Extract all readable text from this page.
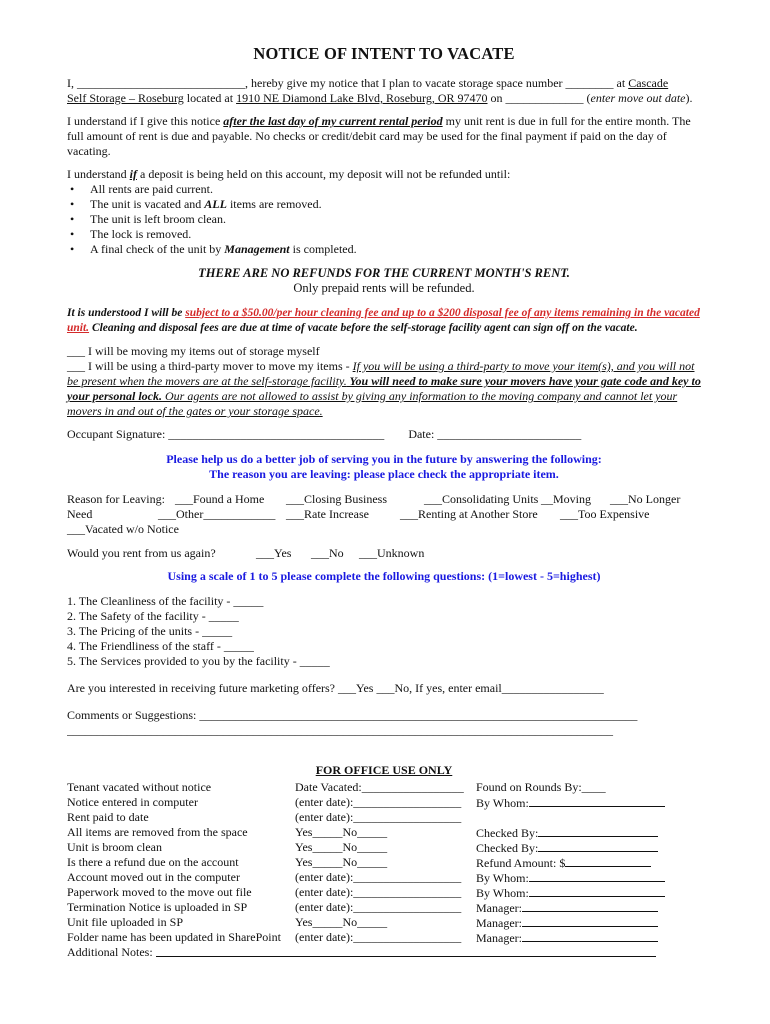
NOTICE OF INTENT TO VACATE

I, ____________________________, hereby give my notice that I plan to vacate storage space number ________ at Cascade
Self Storage – Roseburg located at 1910 NE Diamond Lake Blvd, Roseburg, OR 97470 on _____________ (enter move out date).

I understand if I give this notice after the last day of my current rental period my unit rent is due in full for the entire month. The full amount of rent is due and payable. No checks or credit/debit card may be used for the final payment if paid on the day of vacating.

I understand if a deposit is being held on this account, my deposit will not be refunded until:

• All rents are paid current.
• The unit is vacated and ALL items are removed.
• The unit is left broom clean.
• The lock is removed.
• A final check of the unit by Management is completed.
THERE ARE NO REFUNDS FOR THE CURRENT MONTH'S RENT.
Only prepaid rents will be refunded.

It is understood I will be subject to a $50.00/per hour cleaning fee and up to a $200 disposal fee of any items remaining in the vacated unit. Cleaning and disposal fees are due at time of vacate before the self-storage facility agent can sign off on the vacate.

___ I will be moving my items out of storage myself

___ I will be using a third-party mover to move my items - If you will be using a third-party to move your item(s), and you will not be present when the movers are at the self-storage facility. You will need to make sure your movers have your gate code and key to your personal lock. Our agents are not allowed to assist by giving any information to the moving company and cannot let your movers in and out of the gates or your storage space.

Occupant Signature: ____________________________________ Date: ________________________

Please help us do a better job of serving you in the future by answering the following:

The reason you are leaving: please place check the appropriate item.

Reason for Leaving: ___Found a Home ___Closing Business	___Consolidating Units __Moving ___No Longer
Need	___Other____________ ___Rate Increase	___Renting at Another Store ___Too Expensive
___Vacated w/o Notice
Would you rent from us again?	___Yes ___No ___Unknown

Using a scale of 1 to 5 please complete the following questions: (1=lowest - 5=highest)

1. The Cleanliness of the facility - _____
2. The Safety of the facility - _____
3. The Pricing of the units - _____
4. The Friendliness of the staff - _____
5. The Services provided to you by the facility - _____

Are you interested in receiving future marketing offers? ___Yes ___No, If yes, enter email_________________

Comments or Suggestions: _________________________________________________________________________

___________________________________________________________________________________________

FOR OFFICE USE ONLY
Tenant vacated without notice	Date Vacated:_________________ Found on Rounds By:____
Notice entered in computer	(enter date):__________________ By Whom:
Rent paid to date	(enter date):__________________
All items are removed from the space	Yes_____No_____	Checked By:
Unit is broom clean	Yes_____No_____	Checked By:
Is there a refund due on the account	Yes_____No_____	Refund Amount: $
Account moved out in the computer	(enter date):__________________ By Whom:
Paperwork moved to the move out file	(enter date):__________________ By Whom:
Termination Notice is uploaded in SP	(enter date):__________________ Manager:
Unit file uploaded in SP	Yes_____No_____	Manager:
Folder name has been updated in SharePoint (enter date):__________________ Manager:
Additional Notes:
